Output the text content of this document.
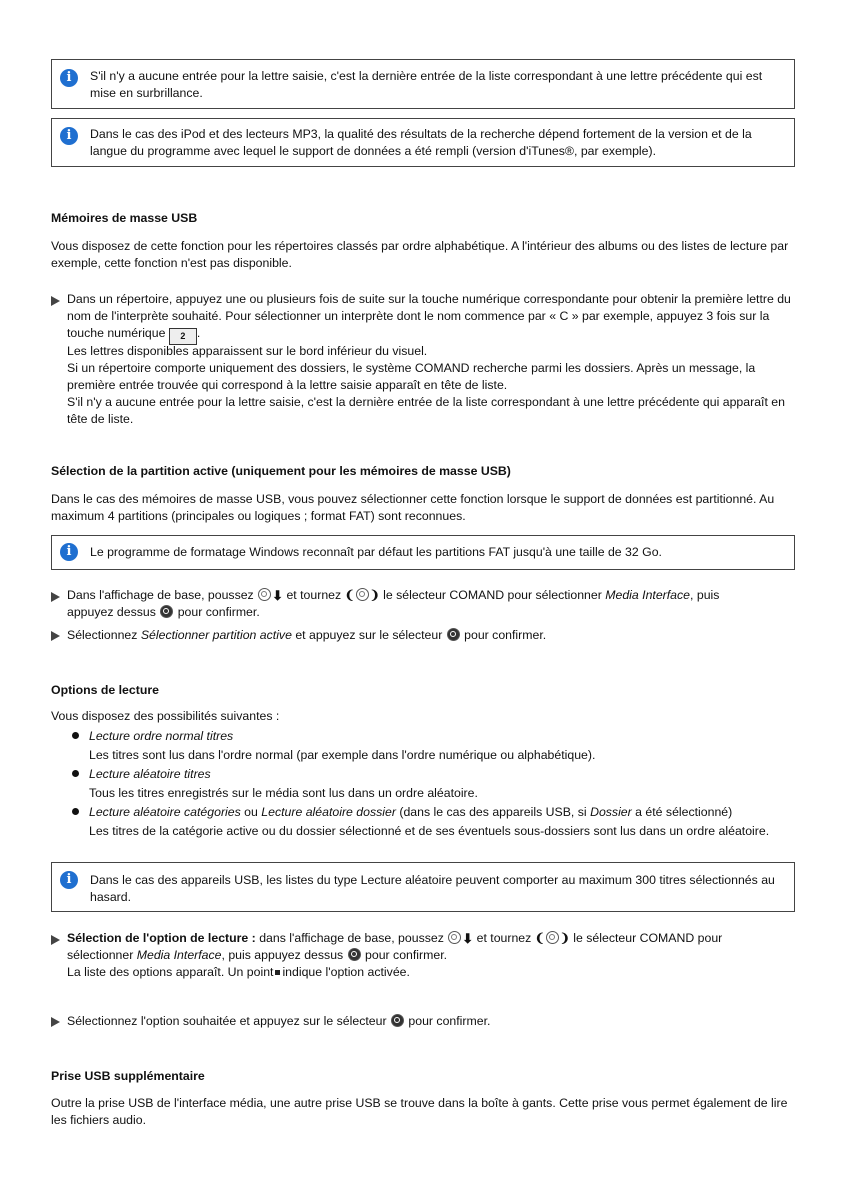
i	S'il n'y a aucune entrée pour la lettre saisie, c'est la dernière entrée de la liste correspondant à une lettre précédente qui est mise en surbrillance.
i	Dans le cas des iPod et des lecteurs MP3, la qualité des résultats de la recherche dépend fortement de la version et de la langue du programme avec lequel le support de données a été rempli (version d'iTunes®, par exemple).
Mémoires de masse USB
Vous disposez de cette fonction pour les répertoires classés par ordre alphabétique. A l'intérieur des albums ou des listes de lecture par exemple, cette fonction n'est pas disponible.
Dans un répertoire, appuyez une ou plusieurs fois de suite sur la touche numérique correspondante pour obtenir la première lettre du nom de l'interprète souhaité. Pour sélectionner un interprète dont le nom commence par « C » par exemple, appuyez 3 fois sur la touche numérique 2 .
Les lettres disponibles apparaissent sur le bord inférieur du visuel.
Si un répertoire comporte uniquement des dossiers, le système COMAND recherche parmi les dossiers. Après un message, la première entrée trouvée qui correspond à la lettre saisie apparaît en tête de liste.
S'il n'y a aucune entrée pour la lettre saisie, c'est la dernière entrée de la liste correspondant à une lettre précédente qui apparaît en tête de liste.
Sélection de la partition active (uniquement pour les mémoires de masse USB)
Dans le cas des mémoires de masse USB, vous pouvez sélectionner cette fonction lorsque le support de données est partitionné. Au maximum 4 partitions (principales ou logiques ; format FAT) sont reconnues.
i	Le programme de formatage Windows reconnaît par défaut les partitions FAT jusqu'à une taille de 32 Go.
Dans l'affichage de base, poussez ⬇ et tournez ❨ ❩ le sélecteur COMAND pour sélectionner Media Interface, puis
appuyez dessus pour confirmer.
Sélectionnez Sélectionner partition active et appuyez sur le sélecteur pour confirmer.
Options de lecture
Vous disposez des possibilités suivantes :
Lecture ordre normal titres
Les titres sont lus dans l'ordre normal (par exemple dans l'ordre numérique ou alphabétique).
Lecture aléatoire titres
Tous les titres enregistrés sur le média sont lus dans un ordre aléatoire.
Lecture aléatoire catégories ou Lecture aléatoire dossier (dans le cas des appareils USB, si Dossier a été sélectionné)
Les titres de la catégorie active ou du dossier sélectionné et de ses éventuels sous-dossiers sont lus dans un ordre aléatoire.
i	Dans le cas des appareils USB, les listes du type Lecture aléatoire peuvent comporter au maximum 300 titres sélectionnés au hasard.
Sélection de l'option de lecture : dans l'affichage de base, poussez ⬇ et tournez ❨ ❩ le sélecteur COMAND pour
sélectionner Media Interface, puis appuyez dessus pour confirmer.
La liste des options apparaît. Un point indique l'option activée.
Sélectionnez l'option souhaitée et appuyez sur le sélecteur pour confirmer.
Prise USB supplémentaire
Outre la prise USB de l'interface média, une autre prise USB se trouve dans la boîte à gants. Cette prise vous permet également de lire les fichiers audio.
